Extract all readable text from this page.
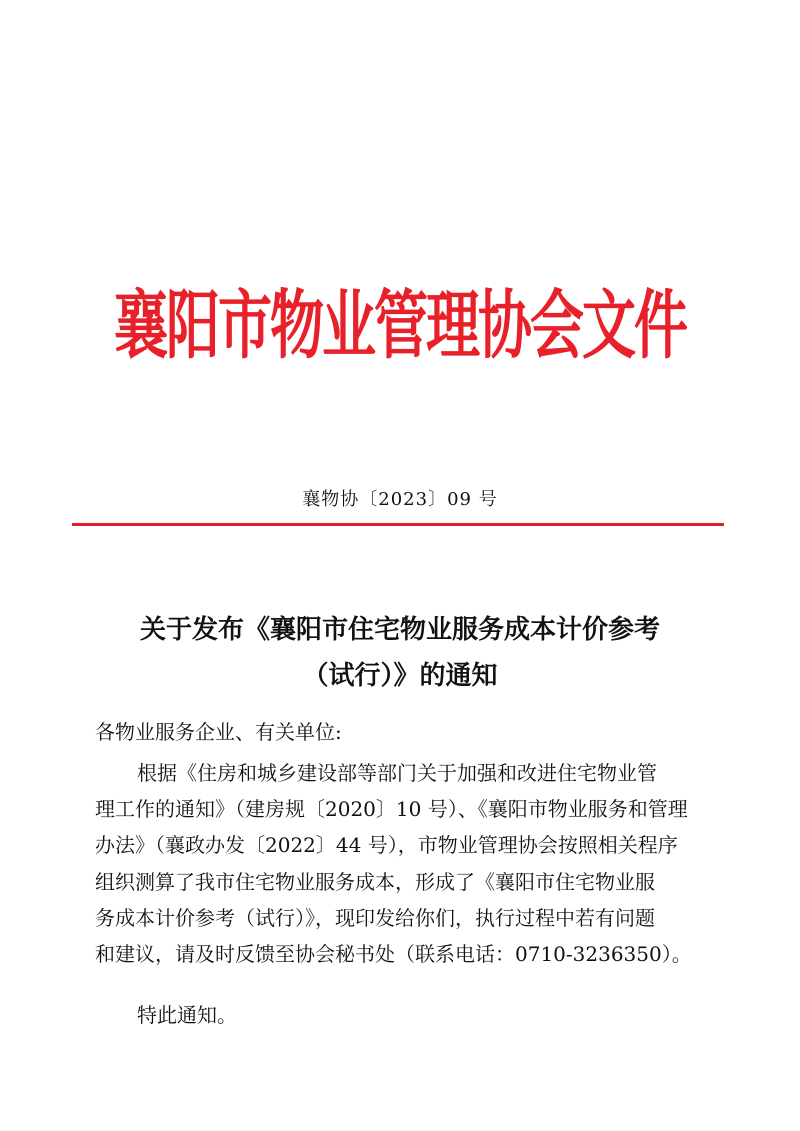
襄阳市物业管理协会文件
襄物协〔2023〕09 号
关于发布《襄阳市住宅物业服务成本计价参考
（试行）》的通知
各物业服务企业、有关单位:
根据《住房和城乡建设部等部门关于加强和改进住宅物业管
理工作的通知》（建房规〔2020〕10 号）、《襄阳市物业服务和管理
办法》（襄政办发〔2022〕44 号），市物业管理协会按照相关程序
组织测算了我市住宅物业服务成本，形成了《襄阳市住宅物业服
务成本计价参考（试行）》，现印发给你们，执行过程中若有问题
和建议，请及时反馈至协会秘书处（联系电话：0710-3236350）。
特此通知。
